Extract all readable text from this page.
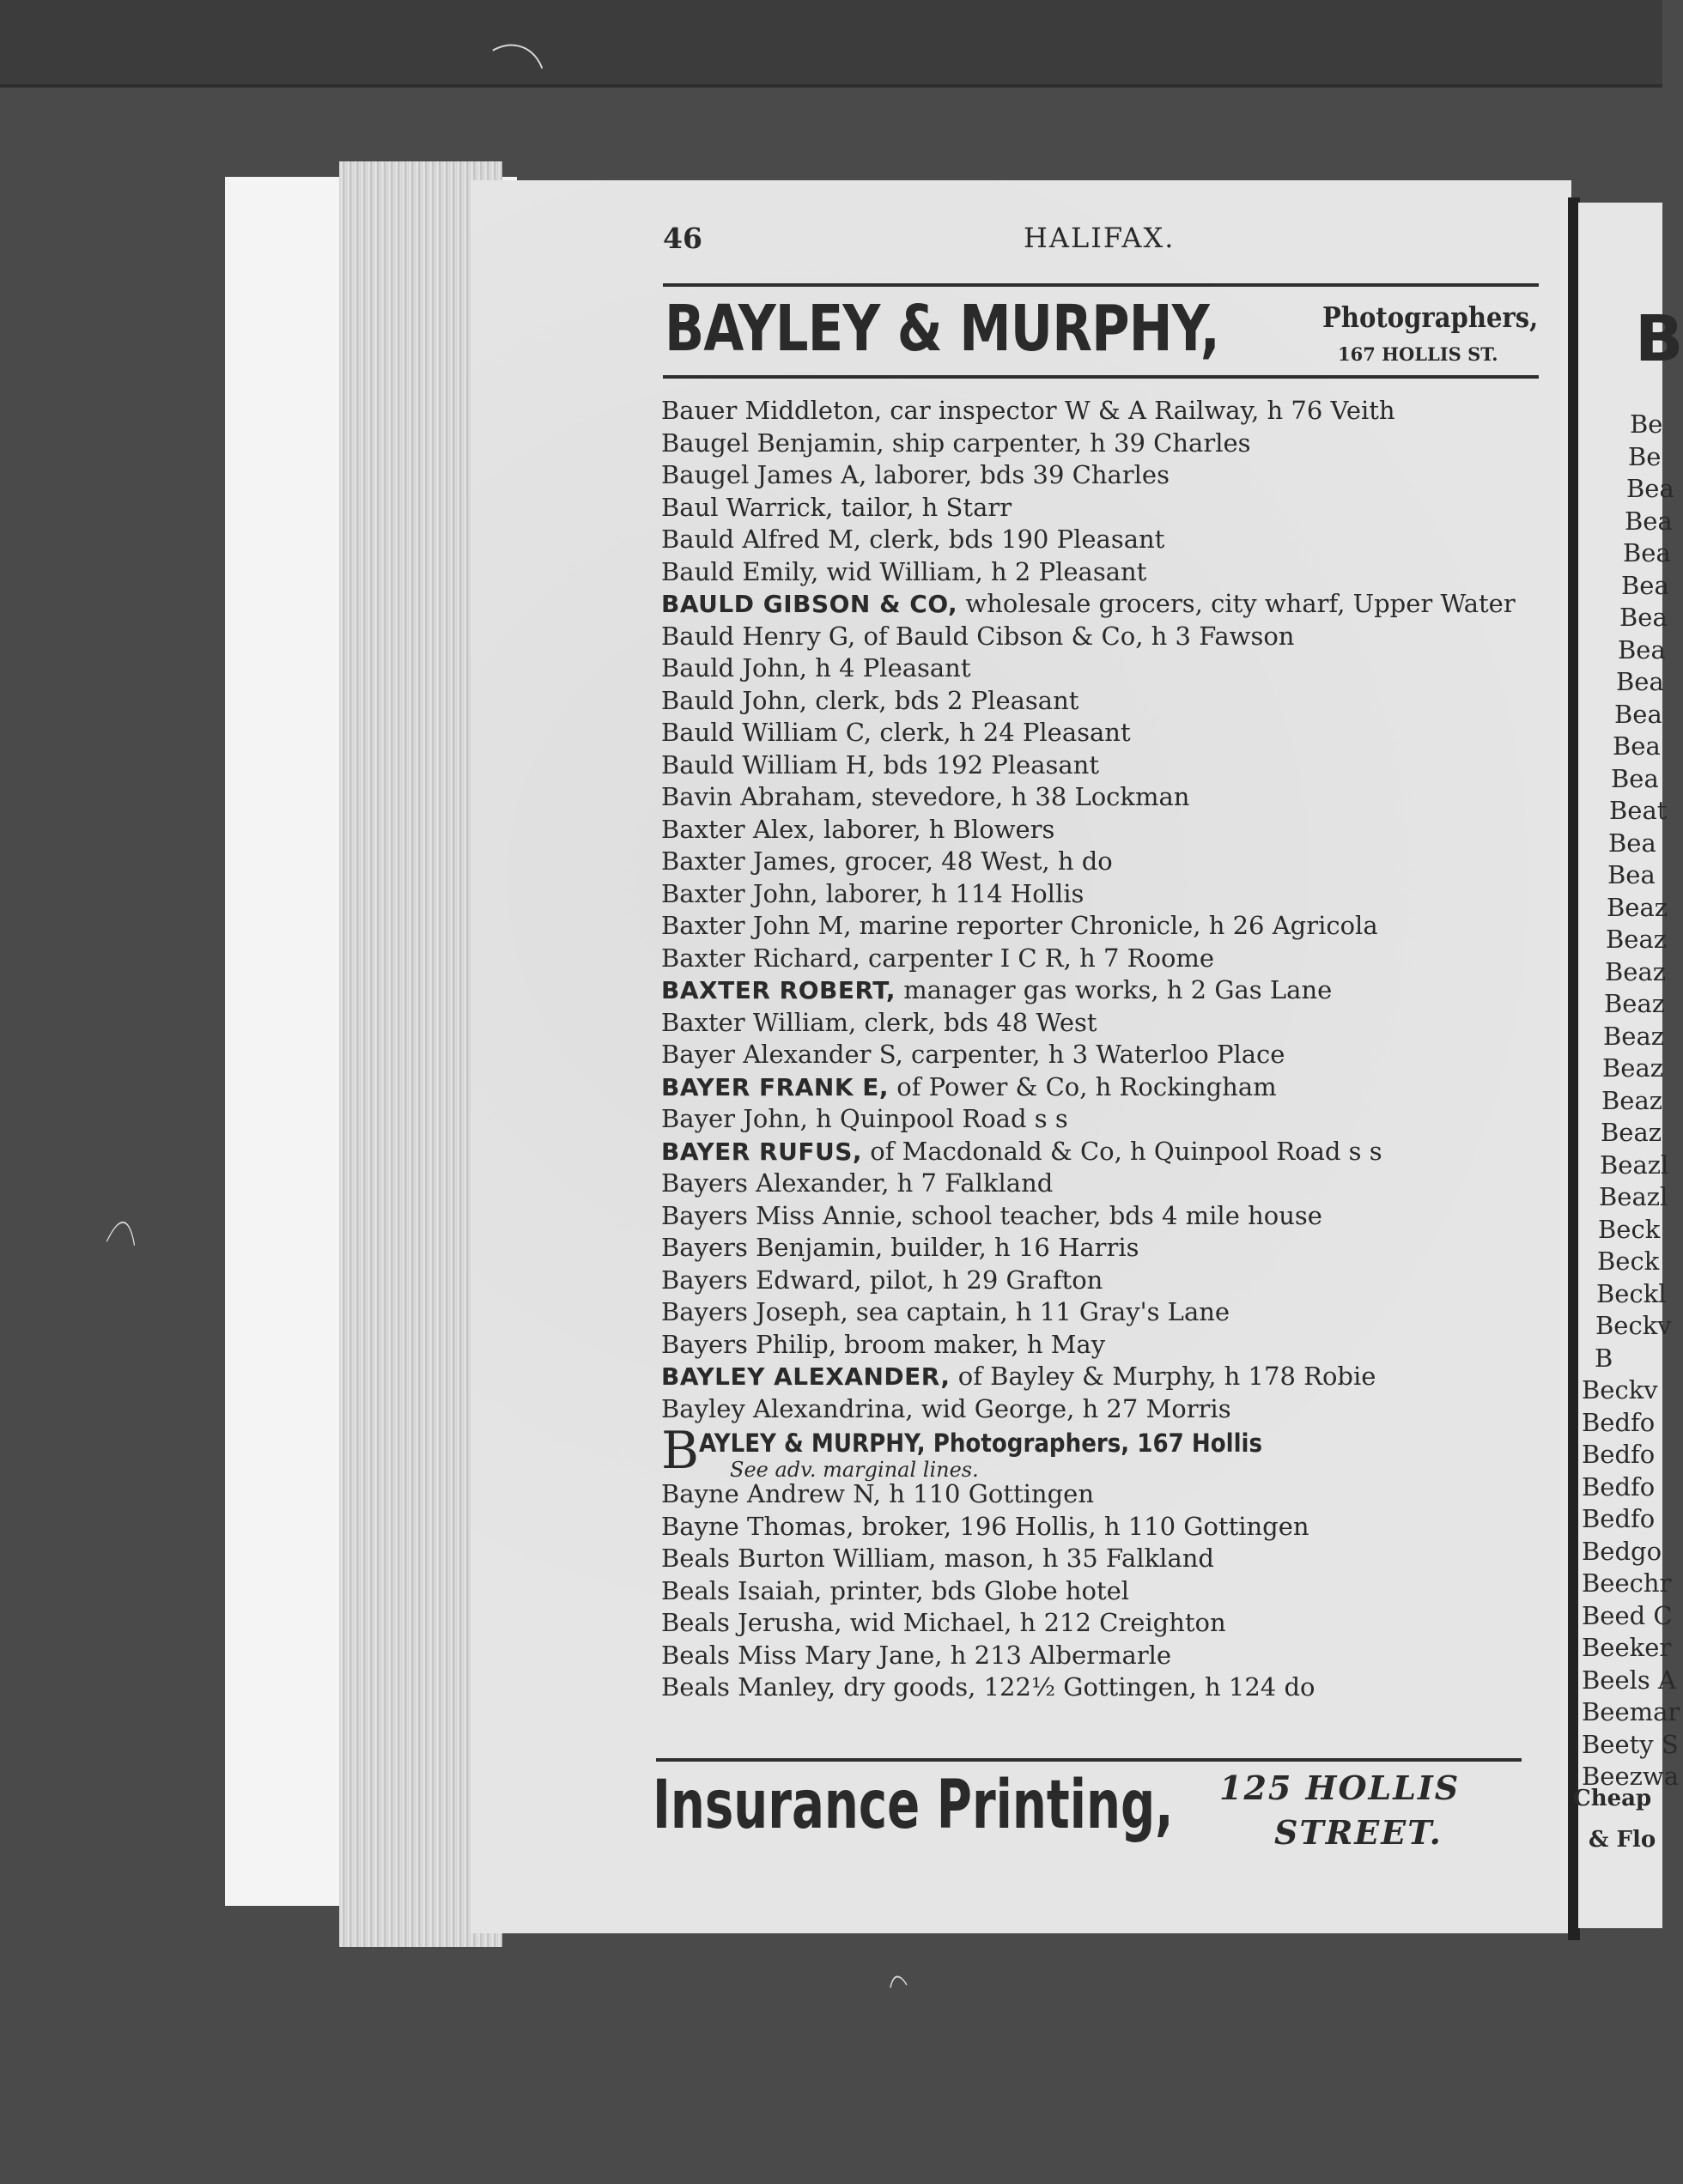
Be
Be
Bea
Bea
Bea
Bea
Bea
Bea
Bea
Bea
Bea
Bea
Beat
Bea
Bea
Beaz
Beaz
Beaz
Beaz
Beaz
Beaz
Beaz
Beaz
Beazl
Beazl
Beck
Beck
Beckl
Beckv
B
Beckv
Bedfo
Bedfo
Bedfo
Bedfo
Bedgo
Beechr
Beed C
Beeker
Beels A
Beemar
Beety S
Beezwa
B
Cheap
& Flo
46	HALIFAX.
BAYLEY & MURPHY,	Photographers,
167 HOLLIS ST.
Bauer Middleton, car inspector W & A Railway, h 76 Veith
Baugel Benjamin, ship carpenter, h 39 Charles
Baugel James A, laborer, bds 39 Charles
Baul Warrick, tailor, h Starr
Bauld Alfred M, clerk, bds 190 Pleasant
Bauld Emily, wid William, h 2 Pleasant
BAULD GIBSON & CO, wholesale grocers, city wharf, Upper Water
Bauld Henry G, of Bauld Cibson & Co, h 3 Fawson
Bauld John, h 4 Pleasant
Bauld John, clerk, bds 2 Pleasant
Bauld William C, clerk, h 24 Pleasant
Bauld William H, bds 192 Pleasant
Bavin Abraham, stevedore, h 38 Lockman
Baxter Alex, laborer, h Blowers
Baxter James, grocer, 48 West, h do
Baxter John, laborer, h 114 Hollis
Baxter John M, marine reporter Chronicle, h 26 Agricola
Baxter Richard, carpenter I C R, h 7 Roome
BAXTER ROBERT, manager gas works, h 2 Gas Lane
Baxter William, clerk, bds 48 West
Bayer Alexander S, carpenter, h 3 Waterloo Place
BAYER FRANK E, of Power & Co, h Rockingham
Bayer John, h Quinpool Road s s
BAYER RUFUS, of Macdonald & Co, h Quinpool Road s s
Bayers Alexander, h 7 Falkland
Bayers Miss Annie, school teacher, bds 4 mile house
Bayers Benjamin, builder, h 16 Harris
Bayers Edward, pilot, h 29 Grafton
Bayers Joseph, sea captain, h 11 Gray's Lane
Bayers Philip, broom maker, h May
BAYLEY ALEXANDER, of Bayley & Murphy, h 178 Robie
Bayley Alexandrina, wid George, h 27 Morris
B AYLEY & MURPHY, Photographers, 167 Hollis
See adv. marginal lines.
Bayne Andrew N, h 110 Gottingen
Bayne Thomas, broker, 196 Hollis, h 110 Gottingen
Beals Burton William, mason, h 35 Falkland
Beals Isaiah, printer, bds Globe hotel
Beals Jerusha, wid Michael, h 212 Creighton
Beals Miss Mary Jane, h 213 Albermarle
Beals Manley, dry goods, 122½ Gottingen, h 124 do
Insurance Printing, 125 HOLLIS
STREET.
